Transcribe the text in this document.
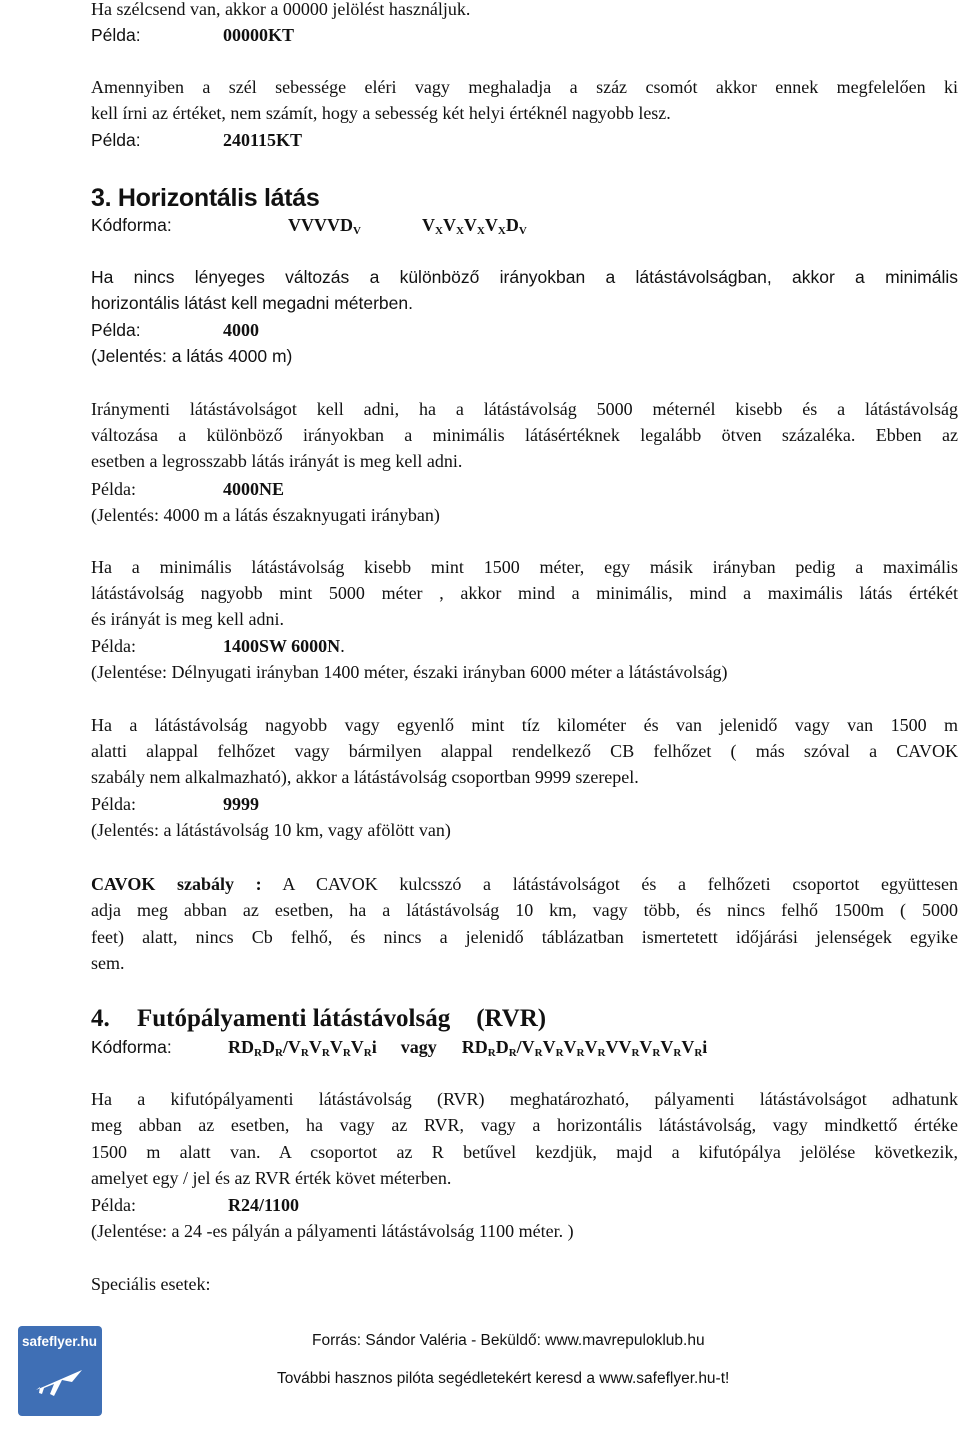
Ha szélcsend van, akkor a 00000 jelölést használjuk.
Példa:	00000KT
Amennyiben a szél sebessége eléri vagy meghaladja a száz csomót akkor ennek megfelelően ki
kell írni az értéket, nem számít, hogy a sebesség két helyi értéknél nagyobb lesz.
Példa:	240115KT
3. Horizontális látás
Kódforma:	$VVVVD_V$	$V_XV_XV_XV_XD_V$
Ha nincs lényeges változás a különböző irányokban a látástávolságban, akkor a minimális
horizontális látást kell megadni méterben.
Példa:	4000
(Jelentés: a látás 4000 m)
Iránymenti látástávolságot kell adni, ha a látástávolság 5000 méternél kisebb és a látástávolság
változása a különböző irányokban a minimális látásértéknek legalább ötven százaléka. Ebben az
esetben a legrosszabb látás irányát is meg kell adni.
Példa:	4000NE
(Jelentés: 4000 m a látás északnyugati irányban)
Ha a minimális látástávolság kisebb mint 1500 méter, egy másik irányban pedig a maximális
látástávolság nagyobb mint 5000 méter , akkor mind a minimális, mind a maximális látás értékét
és irányát is meg kell adni.
Példa:	1400SW 6000N.
(Jelentése: Délnyugati irányban 1400 méter, északi irányban 6000 méter a látástávolság)
Ha a látástávolság nagyobb vagy egyenlő mint tíz kilométer és van jelenidő vagy van 1500 m
alatti alappal felhőzet vagy bármilyen alappal rendelkező CB felhőzet ( más szóval a CAVOK
szabály nem alkalmazható), akkor a látástávolság csoportban 9999 szerepel.
Példa:	9999
(Jelentés: a látástávolság 10 km, vagy afölött van)
CAVOK szabály : A CAVOK kulcsszó a látástávolságot és a felhőzeti csoportot együttesen
adja meg abban az esetben, ha a látástávolság 10 km, vagy több, és nincs felhő 1500m ( 5000
feet) alatt, nincs Cb felhő, és nincs a jelenidő táblázatban ismertetett időjárási jelenségek egyike
sem.
4. Futópályamenti látástávolság (RVR)
Kódforma:	$RD_RD_R/V_RV_RV_RV_Ri$ vagy $RD_RD_R/V_RV_RV_RV_RVV_RV_RV_RV_Ri$
Ha a kifutópályamenti látástávolság (RVR) meghatározható, pályamenti látástávolságot adhatunk
meg abban az esetben, ha vagy az RVR, vagy a horizontális látástávolság, vagy mindkettő értéke
1500 m alatt van. A csoportot az R betűvel kezdjük, majd a kifutópálya jelölése következik,
amelyet egy / jel és az RVR érték követ méterben.
Példa:	R24/1100
(Jelentése: a 24 -es pályán a pályamenti látástávolság 1100 méter. )
Speciális esetek:
safeflyer.hu	Forrás: Sándor Valéria - Beküldő: www.mavrepuloklub.hu
További hasznos pilóta segédletekért keresd a www.safeflyer.hu-t!
